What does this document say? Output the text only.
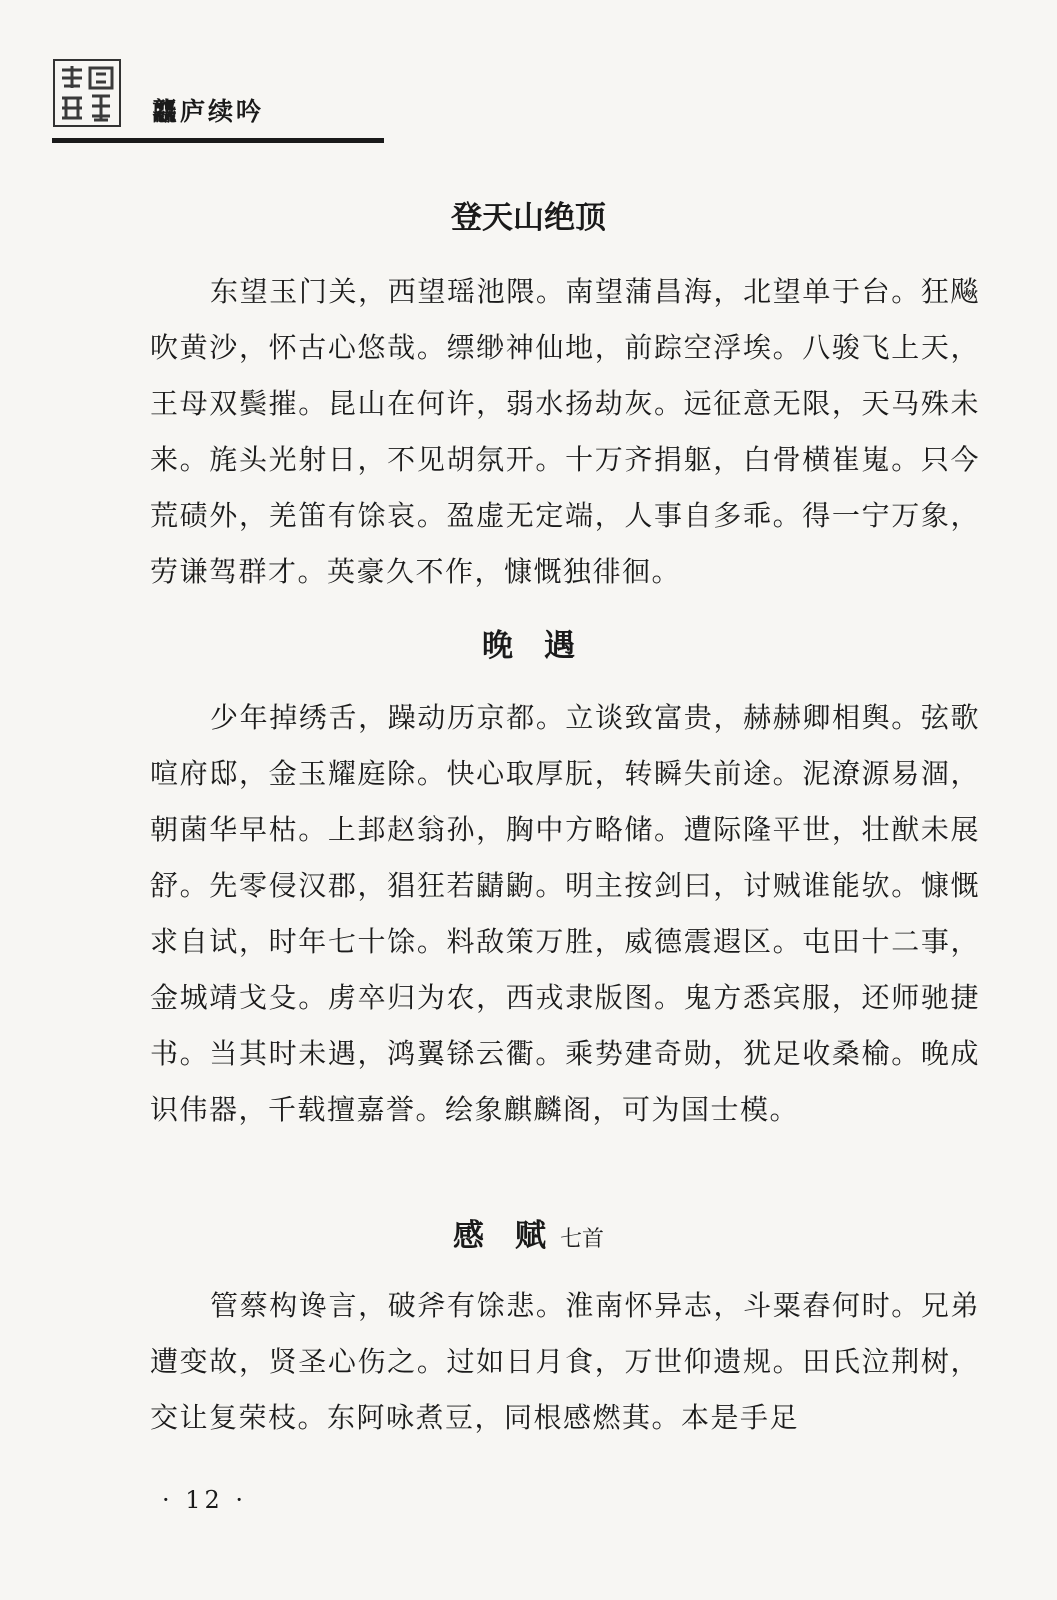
龘庐续吟
登天山绝顶

东望玉门关，西望瑶池隈。南望蒲昌海，北望单于台。狂飚吹黄沙，怀古心悠哉。缥缈神仙地，前踪空浮埃。八骏飞上天，王母双鬓摧。昆山在何许，弱水扬劫灰。远征意无限，天马殊未来。旄头光射日，不见胡氛开。十万齐捐躯，白骨横崔嵬。只今荒碛外，羌笛有馀哀。盈虚无定端，人事自多乖。得一宁万象，劳谦驾群才。英豪久不作，慷慨独徘徊。

晚　遇

少年掉绣舌，躁动历京都。立谈致富贵，赫赫卿相舆。弦歌喧府邸，金玉耀庭除。快心取厚朊，转瞬失前途。泥潦源易涸，朝菌华早枯。上邽赵翁孙，胸中方略储。遭际隆平世，壮猷未展舒。先零侵汉郡，猖狂若鼱鼩。明主按剑曰，讨贼谁能欤。慷慨求自试，时年七十馀。料敌策万胜，威德震遐区。屯田十二事，金城靖戈殳。虏卒归为农，西戎隶版图。鬼方悉宾服，还师驰捷书。当其时未遇，鸿翼铩云衢。乘势建奇勋，犹足收桑榆。晚成识伟器，千载擅嘉誉。绘象麒麟阁，可为国士模。

感　赋 七首

管蔡构谗言，破斧有馀悲。淮南怀异志，斗粟舂何时。兄弟遭变故，贤圣心伤之。过如日月食，万世仰遗规。田氏泣荆树，交让复荣枝。东阿咏煮豆，同根感燃萁。本是手足

· 12 ·
